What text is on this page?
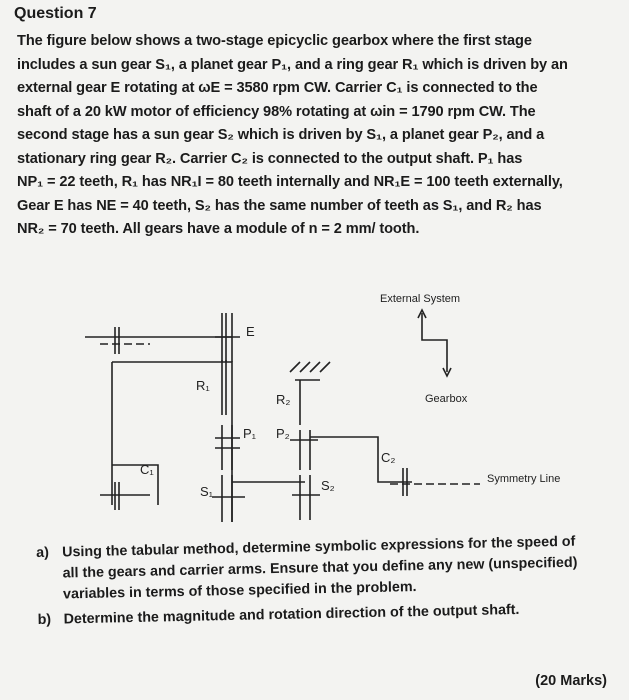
Question 7
The figure below shows a two-stage epicyclic gearbox where the first stage
includes a sun gear S₁, a planet gear P₁, and a ring gear R₁ which is driven by an
external gear E rotating at ωE = 3580 rpm CW. Carrier C₁ is connected to the
shaft of a 20 kW motor of efficiency 98% rotating at ωin = 1790 rpm CW. The
second stage has a sun gear S₂ which is driven by S₁, a planet gear P₂, and a
stationary ring gear R₂. Carrier C₂ is connected to the output shaft. P₁ has
NP₁ = 22 teeth, R₁ has NR₁I = 80 teeth internally and NR₁E = 100 teeth externally,
Gear E has NE = 40 teeth, S₂ has the same number of teeth as S₁, and R₂ has
NR₂ = 70 teeth. All gears have a module of n = 2 mm/ tooth.
E
R₁
R₂
P₁ P₂
C₁
C₂
S₁	S₂
External System
Gearbox
Symmetry Line
a) Using the tabular method, determine symbolic expressions for the speed of
all the gears and carrier arms. Ensure that you define any new (unspecified)
variables in terms of those specified in the problem.
b) Determine the magnitude and rotation direction of the output shaft.
(20 Marks)
